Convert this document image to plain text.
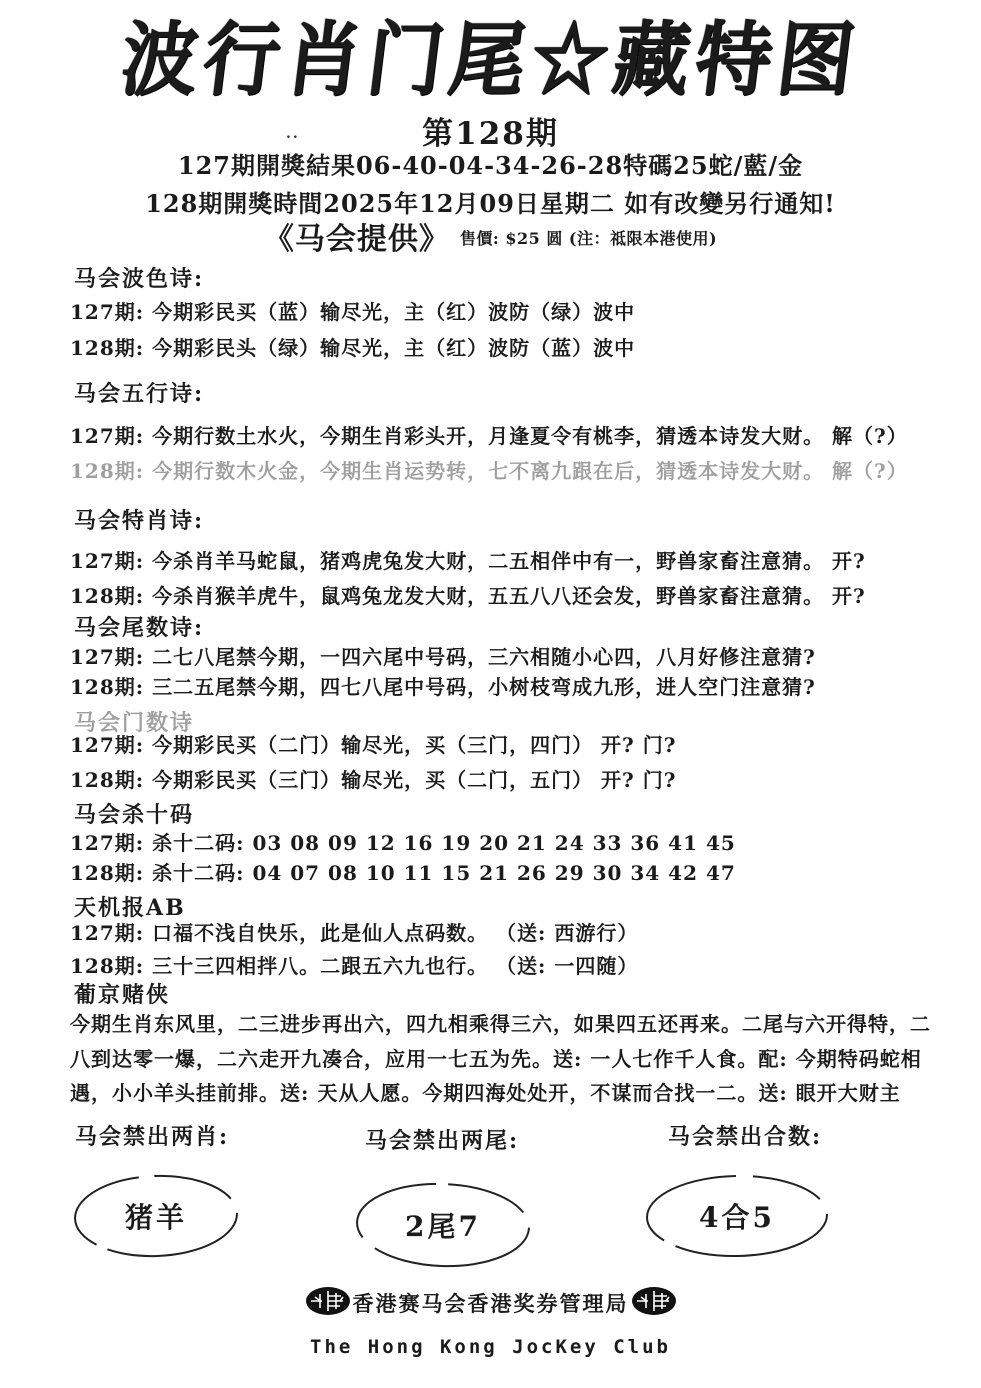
波行肖门尾☆藏特图
..	第128期
127期開獎結果06-40-04-34-26-28特碼25蛇/藍/金
128期開獎時間2025年12月09日星期二 如有改變另行通知!
《马会提供》 售價: $25 圆 (注：祗限本港使用)
马会波色诗:
127期: 今期彩民买（蓝）输尽光，主（红）波防（绿）波中
128期: 今期彩民头（绿）输尽光，主（红）波防（蓝）波中
马会五行诗:
127期: 今期行数土水火，今期生肖彩头开，月逢夏令有桃李，猜透本诗发大财。 解（?）
128期: 今期行数木火金，今期生肖运势转，七不离九跟在后，猜透本诗发大财。 解（?）
马会特肖诗:
127期: 今杀肖羊马蛇鼠，猪鸡虎兔发大财，二五相伴中有一，野兽家畜注意猜。 开?
128期: 今杀肖猴羊虎牛，鼠鸡兔龙发大财，五五八八还会发，野兽家畜注意猜。 开?
马会尾数诗:
127期: 二七八尾禁今期，一四六尾中号码，三六相随小心四，八月好修注意猜?
128期: 三二五尾禁今期，四七八尾中号码，小树枝弯成九形，进人空门注意猜?
马会门数诗
127期: 今期彩民买（二门）输尽光，买（三门，四门） 开? 门?
128期: 今期彩民买（三门）输尽光，买（二门，五门） 开? 门?
马会杀十码
127期: 杀十二码: 03 08 09 12 16 19 20 21 24 33 36 41 45
128期: 杀十二码: 04 07 08 10 11 15 21 26 29 30 34 42 47
天机报AB
127期: 口福不浅自快乐，此是仙人点码数。 （送: 西游行）
128期: 三十三四相拌八。二跟五六九也行。 （送: 一四随）
葡京赌侠
今期生肖东风里，二三进步再出六，四九相乘得三六，如果四五还再来。二尾与六开得特，二
八到达零一爆，二六走开九凑合，应用一七五为先。送: 一人七作千人食。配: 今期特码蛇相
遇，小小羊头挂前排。送: 天从人愿。今期四海处处开，不谋而合找一二。送: 眼开大财主
马会禁出两肖:	马会禁出两尾:	马会禁出合数:
猪羊	2尾7	4合5
香港赛马会香港奖券管理局
The Hong Kong JocKey Club
